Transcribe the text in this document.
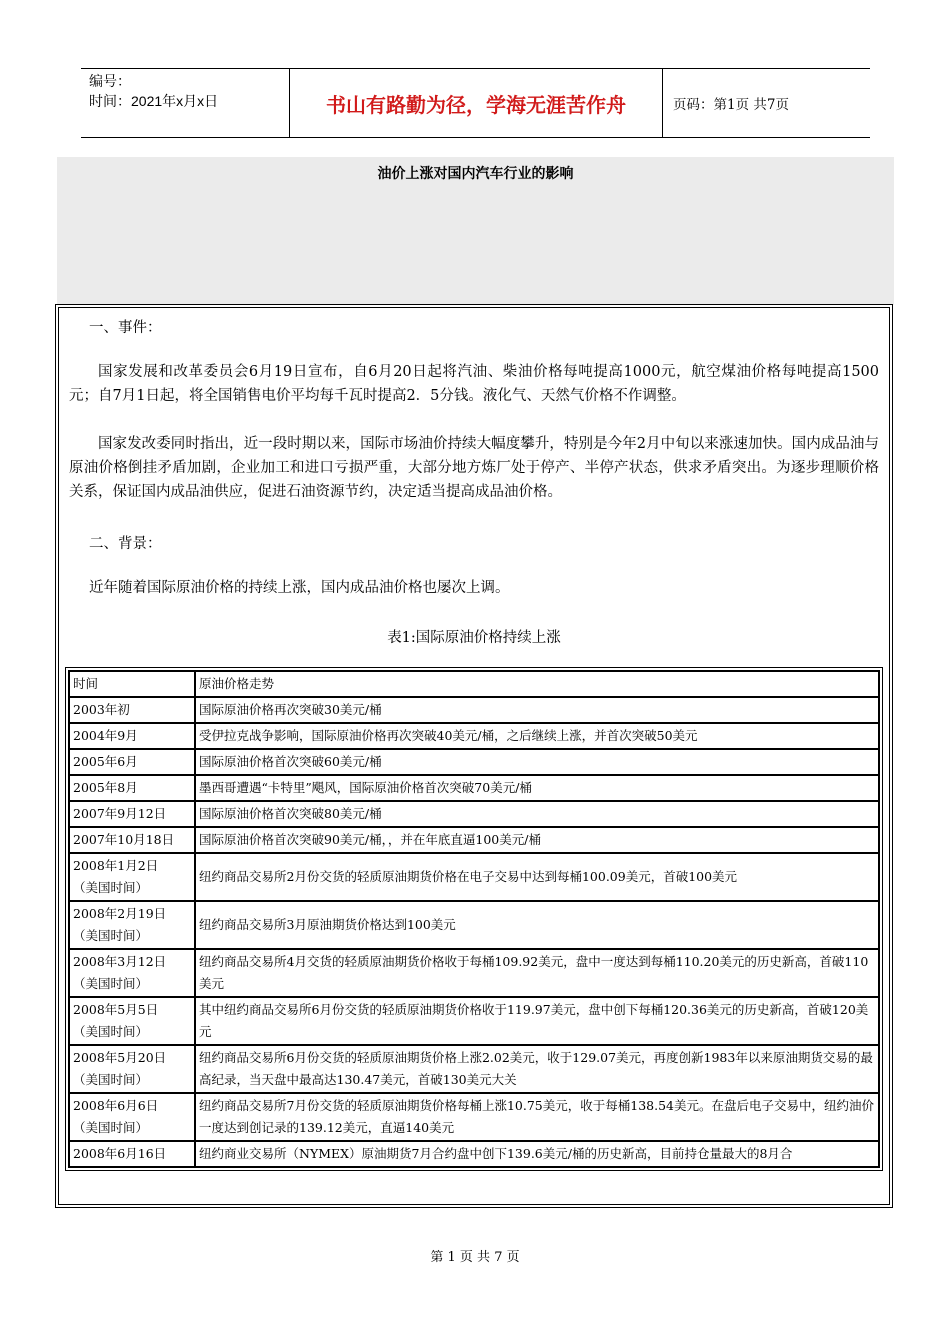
编号：
时间：2021年x月x日	书山有路勤为径，学海无涯苦作舟	页码：第1页 共7页
油价上涨对国内汽车行业的影响

一、事件：

国家发展和改革委员会6月19日宣布，自6月20日起将汽油、柴油价格每吨提高1000元，航空煤油价格每吨提高1500元；自7月1日起，将全国销售电价平均每千瓦时提高2．5分钱。液化气、天然气价格不作调整。

国家发改委同时指出，近一段时期以来，国际市场油价持续大幅度攀升，特别是今年2月中旬以来涨速加快。国内成品油与原油价格倒挂矛盾加剧，企业加工和进口亏损严重，大部分地方炼厂处于停产、半停产状态，供求矛盾突出。为逐步理顺价格关系，保证国内成品油供应，促进石油资源节约，决定适当提高成品油价格。

二、背景：

近年随着国际原油价格的持续上涨，国内成品油价格也屡次上调。

表1:国际原油价格持续上涨
时间	原油价格走势

2003年初	国际原油价格再次突破30美元/桶

2004年9月	受伊拉克战争影响，国际原油价格再次突破40美元/桶，之后继续上涨，并首次突破50美元

2005年6月	国际原油价格首次突破60美元/桶

2005年8月	墨西哥遭遇“卡特里”飓风，国际原油价格首次突破70美元/桶

2007年9月12日	国际原油价格首次突破80美元/桶

2007年10月18日	国际原油价格首次突破90美元/桶，，并在年底直逼100美元/桶

2008年1月2日
（美国时间）	纽约商品交易所2月份交货的轻质原油期货价格在电子交易中达到每桶100.09美元，首破100美元

2008年2月19日
（美国时间）	纽约商品交易所3月原油期货价格达到100美元

2008年3月12日
（美国时间）	纽约商品交易所4月交货的轻质原油期货价格收于每桶109.92美元，盘中一度达到每桶110.20美元的历史新高，首破110美元

2008年5月5日
（美国时间）	其中纽约商品交易所6月份交货的轻质原油期货价格收于119.97美元，盘中创下每桶120.36美元的历史新高，首破120美元

2008年5月20日
（美国时间）	纽约商品交易所6月份交货的轻质原油期货价格上涨2.02美元，收于129.07美元，再度创新1983年以来原油期货交易的最高纪录，当天盘中最高达130.47美元，首破130美元大关

2008年6月6日
（美国时间）	纽约商品交易所7月份交货的轻质原油期货价格每桶上涨10.75美元，收于每桶138.54美元。在盘后电子交易中，纽约油价一度达到创记录的139.12美元，直逼140美元

2008年6月16日	纽约商业交易所（NYMEX）原油期货7月合约盘中创下139.6美元/桶的历史新高，目前持仓量最大的8月合
第 1 页 共 7 页
